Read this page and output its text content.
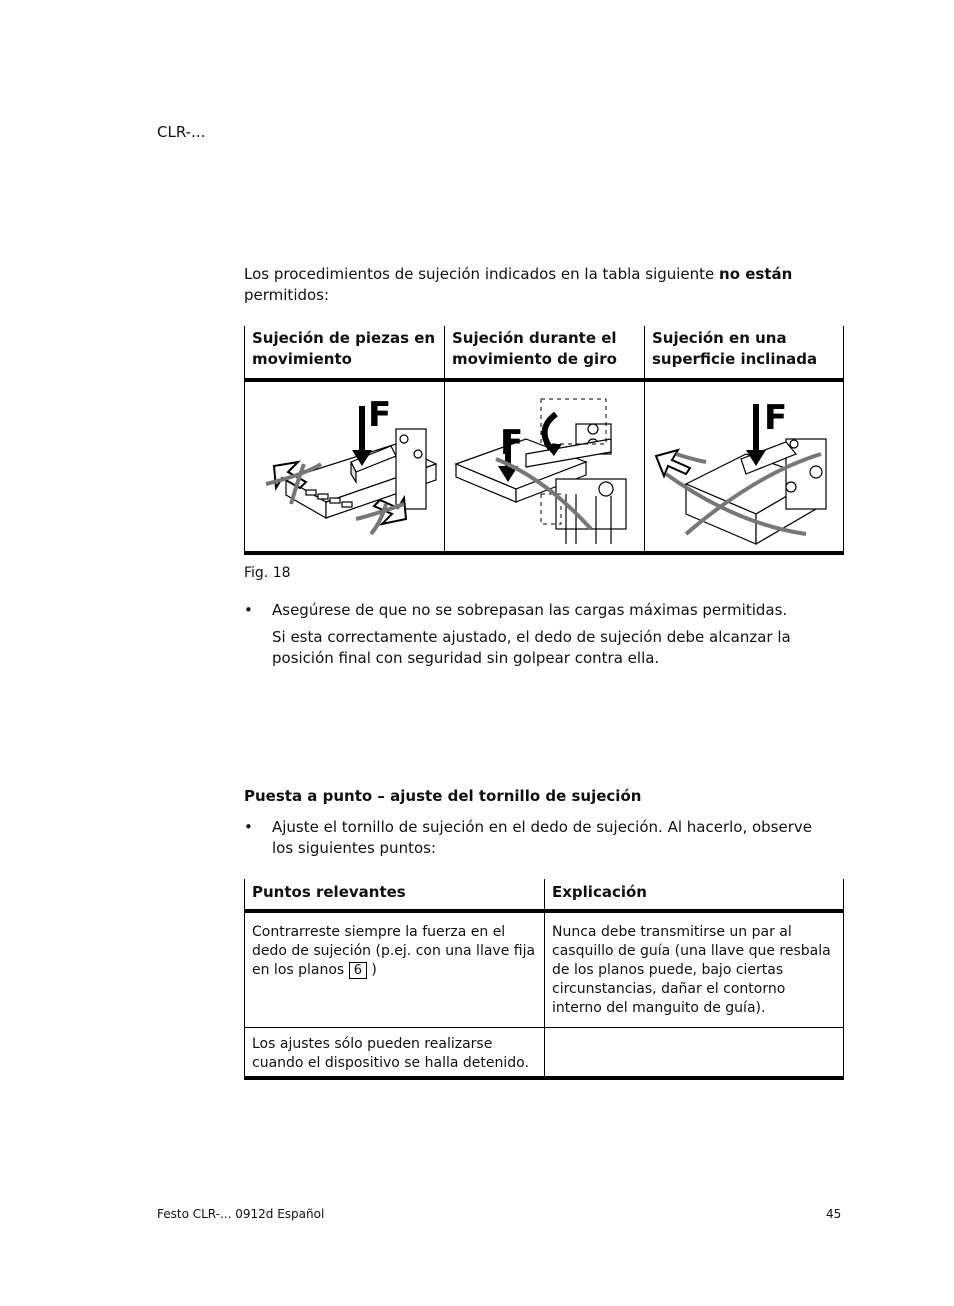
CLR-...
Los procedimientos de sujeción indicados en la tabla siguiente no están permitidos:
Sujeción de piezas en movimiento
Sujeción durante el movimiento de giro
Sujeción en una superficie inclinada
F
F
F
Fig. 18
• Asegúrese de que no se sobrepasan las cargas máximas permitidas.
Si esta correctamente ajustado, el dedo de sujeción debe alcanzar la posición final con seguridad sin golpear contra ella.
Puesta a punto – ajuste del tornillo de sujeción
• Ajuste el tornillo de sujeción en el dedo de sujeción. Al hacerlo, observe los siguientes puntos:
Puntos relevantes	Explicación
Contrarreste siempre la fuerza en el dedo de sujeción (p.ej. con una llave fija en los planos 6 )
Nunca debe transmitirse un par al casquillo de guía (una llave que resbala de los planos puede, bajo ciertas circunstancias, dañar el contorno interno del manguito de guía).
Los ajustes sólo pueden realizarse cuando el dispositivo se halla detenido.
Festo CLR-... 0912d Español	45
